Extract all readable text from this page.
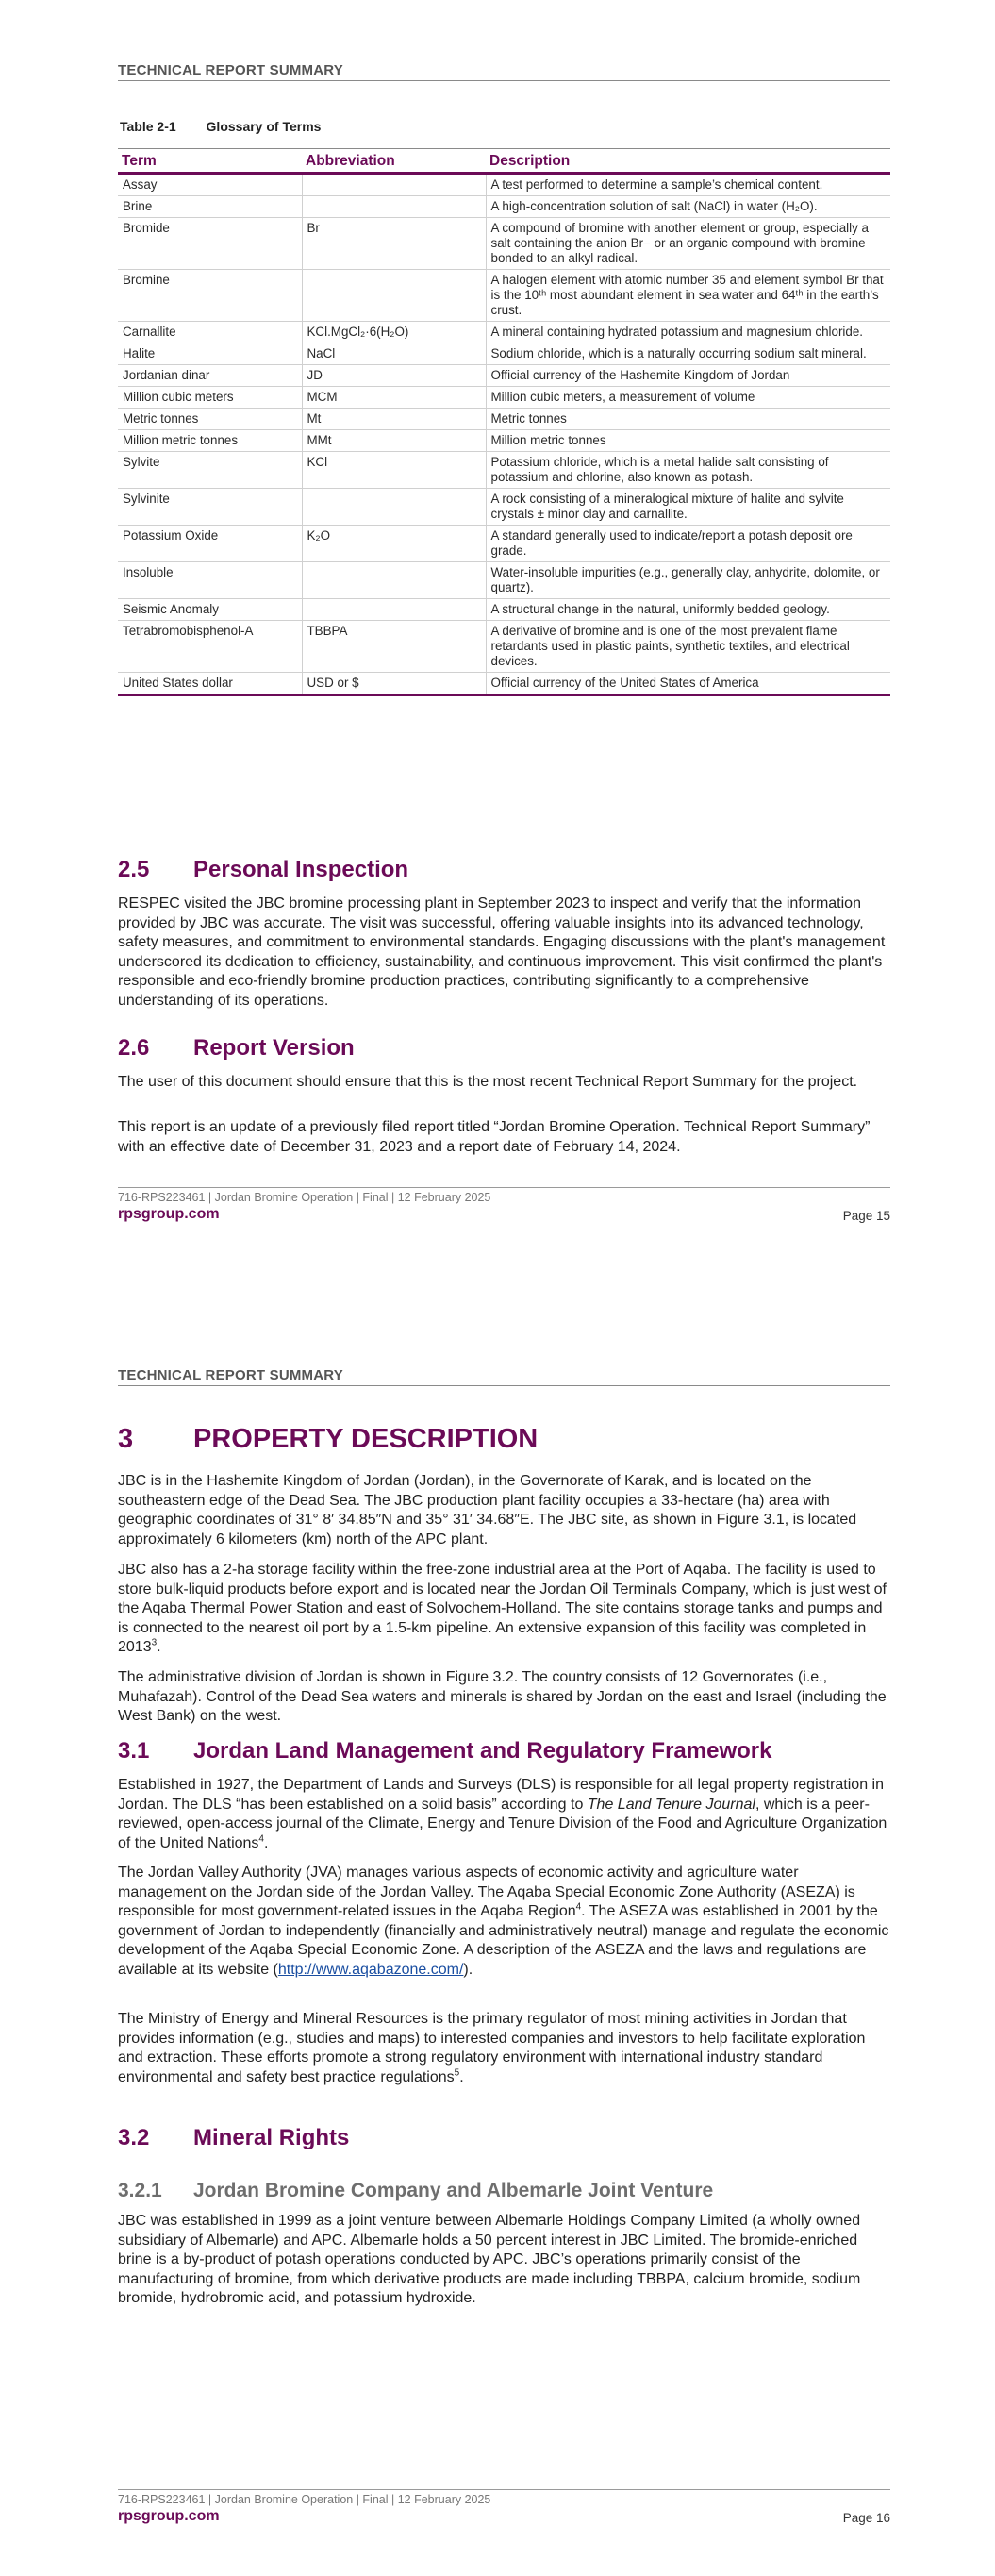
TECHNICAL REPORT SUMMARY
Table 2-1 Glossary of Terms
Term	Abbreviation	Description
Assay		A test performed to determine a sample’s chemical content.
Brine		A high-concentration solution of salt (NaCl) in water (H₂O).
Bromide	Br	A compound of bromine with another element or group, especially a salt containing the anion Br− or an organic compound with bromine bonded to an alkyl radical.
Bromine		A halogen element with atomic number 35 and element symbol Br that is the 10ᵗʰ most abundant element in sea water and 64ᵗʰ in the earth’s crust.
Carnallite	KCl.MgCl₂·6(H₂O)	A mineral containing hydrated potassium and magnesium chloride.
Halite	NaCl	Sodium chloride, which is a naturally occurring sodium salt mineral.
Jordanian dinar	JD	Official currency of the Hashemite Kingdom of Jordan
Million cubic meters	MCM	Million cubic meters, a measurement of volume
Metric tonnes	Mt	Metric tonnes
Million metric tonnes	MMt	Million metric tonnes
Sylvite	KCl	Potassium chloride, which is a metal halide salt consisting of potassium and chlorine, also known as potash.
Sylvinite		A rock consisting of a mineralogical mixture of halite and sylvite crystals ± minor clay and carnallite.
Potassium Oxide	K₂O	A standard generally used to indicate/report a potash deposit ore grade.
Insoluble		Water-insoluble impurities (e.g., generally clay, anhydrite, dolomite, or quartz).
Seismic Anomaly		A structural change in the natural, uniformly bedded geology.
Tetrabromobisphenol-A	TBBPA	A derivative of bromine and is one of the most prevalent flame retardants used in plastic paints, synthetic textiles, and electrical devices.
United States dollar	USD or $	Official currency of the United States of America
2.5 Personal Inspection

RESPEC visited the JBC bromine processing plant in September 2023 to inspect and verify that the information provided by JBC was accurate. The visit was successful, offering valuable insights into its advanced technology, safety measures, and commitment to environmental standards. Engaging discussions with the plant's management underscored its dedication to efficiency, sustainability, and continuous improvement. This visit confirmed the plant's responsible and eco-friendly bromine production practices, contributing significantly to a comprehensive understanding of its operations.

2.6 Report Version

The user of this document should ensure that this is the most recent Technical Report Summary for the project.

This report is an update of a previously filed report titled “Jordan Bromine Operation. Technical Report Summary” with an effective date of December 31, 2023 and a report date of February 14, 2024.

716-RPS223461 | Jordan Bromine Operation | Final | 12 February 2025
rpsgroup.com	Page 15
TECHNICAL REPORT SUMMARY
3 PROPERTY DESCRIPTION

JBC is in the Hashemite Kingdom of Jordan (Jordan), in the Governorate of Karak, and is located on the southeastern edge of the Dead Sea. The JBC production plant facility occupies a 33-hectare (ha) area with geographic coordinates of 31° 8′ 34.85″N and 35° 31′ 34.68″E. The JBC site, as shown in Figure 3.1, is located approximately 6 kilometers (km) north of the APC plant.

JBC also has a 2-ha storage facility within the free-zone industrial area at the Port of Aqaba. The facility is used to store bulk-liquid products before export and is located near the Jordan Oil Terminals Company, which is just west of the Aqaba Thermal Power Station and east of Solvochem-Holland. The site contains storage tanks and pumps and is connected to the nearest oil port by a 1.5-km pipeline. An extensive expansion of this facility was completed in 2013$^3$.

The administrative division of Jordan is shown in Figure 3.2. The country consists of 12 Governorates (i.e., Muhafazah). Control of the Dead Sea waters and minerals is shared by Jordan on the east and Israel (including the West Bank) on the west.

3.1 Jordan Land Management and Regulatory Framework

Established in 1927, the Department of Lands and Surveys (DLS) is responsible for all legal property registration in Jordan. The DLS “has been established on a solid basis” according to The Land Tenure Journal, which is a peer-reviewed, open-access journal of the Climate, Energy and Tenure Division of the Food and Agriculture Organization of the United Nations$^4$.

The Jordan Valley Authority (JVA) manages various aspects of economic activity and agriculture water management on the Jordan side of the Jordan Valley. The Aqaba Special Economic Zone Authority (ASEZA) is responsible for most government-related issues in the Aqaba Region$^4$. The ASEZA was established in 2001 by the government of Jordan to independently (financially and administratively neutral) manage and regulate the economic development of the Aqaba Special Economic Zone. A description of the ASEZA and the laws and regulations are available at its website (http://www.aqabazone.com/).

The Ministry of Energy and Mineral Resources is the primary regulator of most mining activities in Jordan that provides information (e.g., studies and maps) to interested companies and investors to help facilitate exploration and extraction. These efforts promote a strong regulatory environment with international industry standard environmental and safety best practice regulations$^5$.

3.2 Mineral Rights
3.2.1 Jordan Bromine Company and Albemarle Joint Venture

JBC was established in 1999 as a joint venture between Albemarle Holdings Company Limited (a wholly owned subsidiary of Albemarle) and APC. Albemarle holds a 50 percent interest in JBC Limited. The bromide-enriched brine is a by-product of potash operations conducted by APC. JBC’s operations primarily consist of the manufacturing of bromine, from which derivative products are made including TBBPA, calcium bromide, sodium bromide, hydrobromic acid, and potassium hydroxide.

716-RPS223461 | Jordan Bromine Operation | Final | 12 February 2025
rpsgroup.com	Page 16
